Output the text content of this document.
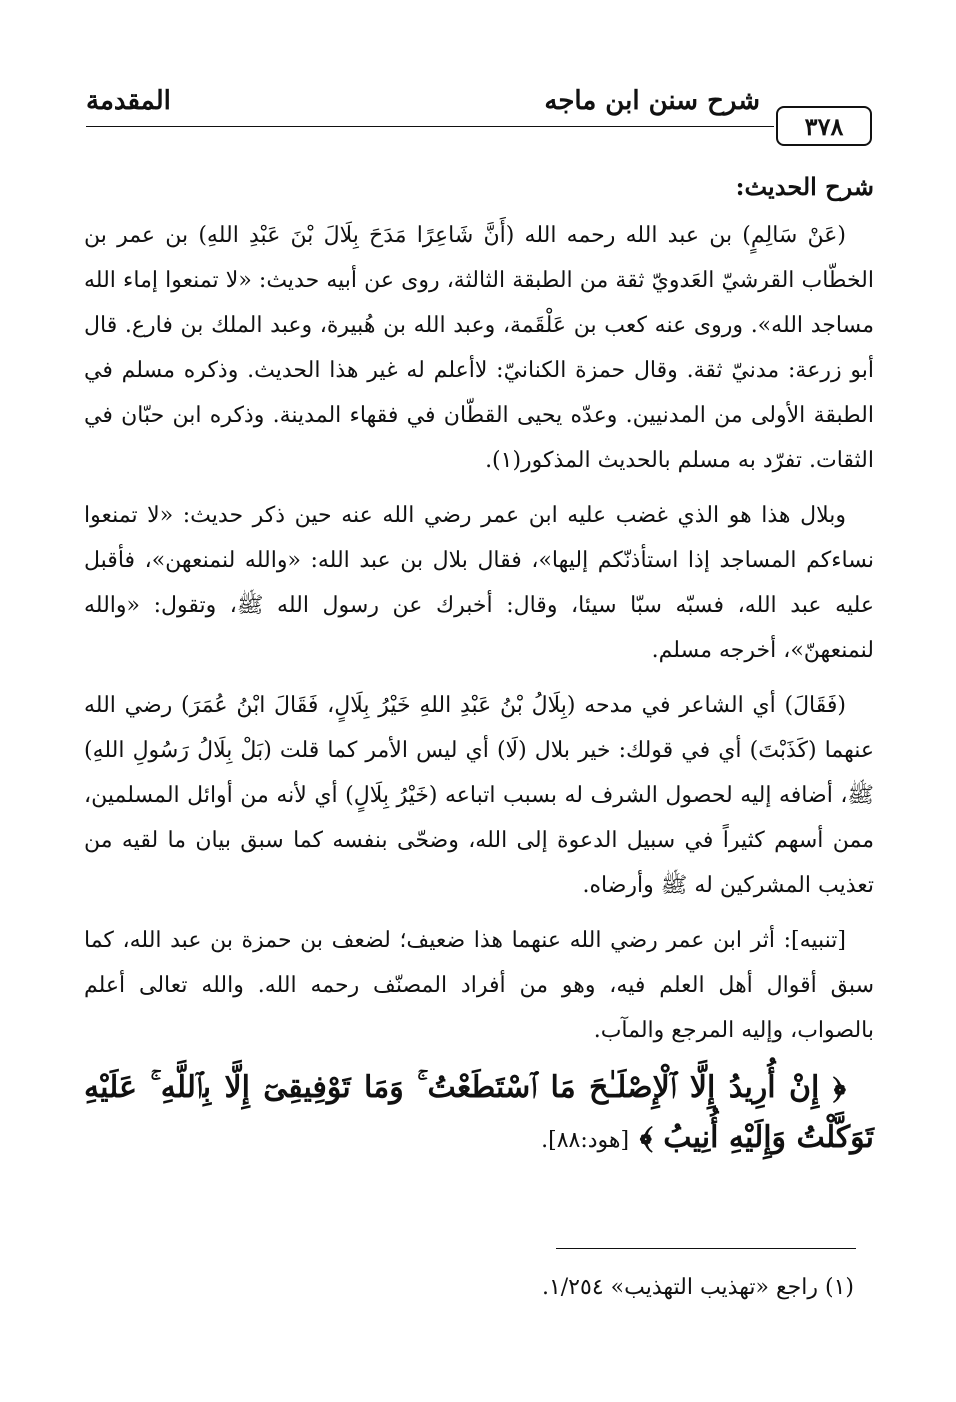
المقدمة	شرح سنن ابن ماجه
٣٧٨
شرح الحديث:

(عَنْ سَالِمٍ) بن عبد الله رحمه الله (أَنَّ شَاعِرًا مَدَحَ بِلَالَ بْنَ عَبْدِ اللهِ) بن عمر بن الخطّاب القرشيّ العَدويّ ثقة من الطبقة الثالثة، روى عن أبيه حديث: «لا تمنعوا إماء الله مساجد الله». وروى عنه كعب بن عَلْقَمة، وعبد الله بن هُبيرة، وعبد الملك بن فارع. قال أبو زرعة: مدنيّ ثقة. وقال حمزة الكنانيّ: لاأعلم له غير هذا الحديث. وذكره مسلم في الطبقة الأولى من المدنيين. وعدّه يحيى القطّان في فقهاء المدينة. وذكره ابن حبّان في الثقات. تفرّد به مسلم بالحديث المذكور(١).

وبلال هذا هو الذي غضب عليه ابن عمر رضي الله عنه حين ذكر حديث: «لا تمنعوا نساءكم المساجد إذا استأذنّكم إليها»، فقال بلال بن عبد الله: «والله لنمنعهن»، فأقبل عليه عبد الله، فسبّه سبّا سيئا، وقال: أخبرك عن رسول الله ﷺ، وتقول: «والله لنمنعهنّ»، أخرجه مسلم.

(فَقَالَ) أي الشاعر في مدحه (بِلَالُ بْنُ عَبْدِ اللهِ خَيْرُ بِلَالٍ، فَقَالَ ابْنُ عُمَرَ) رضي الله عنهما (كَذَبْتَ) أي في قولك: خير بلال (لَا) أي ليس الأمر كما قلت (بَلْ بِلَالُ رَسُولِ اللهِ) ﷺ، أضافه إليه لحصول الشرف له بسبب اتباعه (خَيْرُ بِلَالٍ) أي لأنه من أوائل المسلمين، ممن أسهم كثيراً في سبيل الدعوة إلى الله، وضحّى بنفسه كما سبق بيان ما لقيه من تعذيب المشركين له ﷺ وأرضاه.

[تنبيه]: أثر ابن عمر رضي الله عنهما هذا ضعيف؛ لضعف بن حمزة بن عبد الله، كما سبق أقوال أهل العلم فيه، وهو من أفراد المصنّف رحمه الله. والله تعالى أعلم بالصواب، وإليه المرجع والمآب.

﴿ إِنْ أُرِيدُ إِلَّا ٱلْإِصْلَـٰحَ مَا ٱسْتَطَعْتُ ۚ وَمَا تَوْفِيقِىٓ إِلَّا بِٱللَّهِ ۚ عَلَيْهِ تَوَكَّلْتُ وَإِلَيْهِ أُنِيبُ ﴾ [هود:٨٨].

(١) راجع «تهذيب التهذيب» ١/٢٥٤.
